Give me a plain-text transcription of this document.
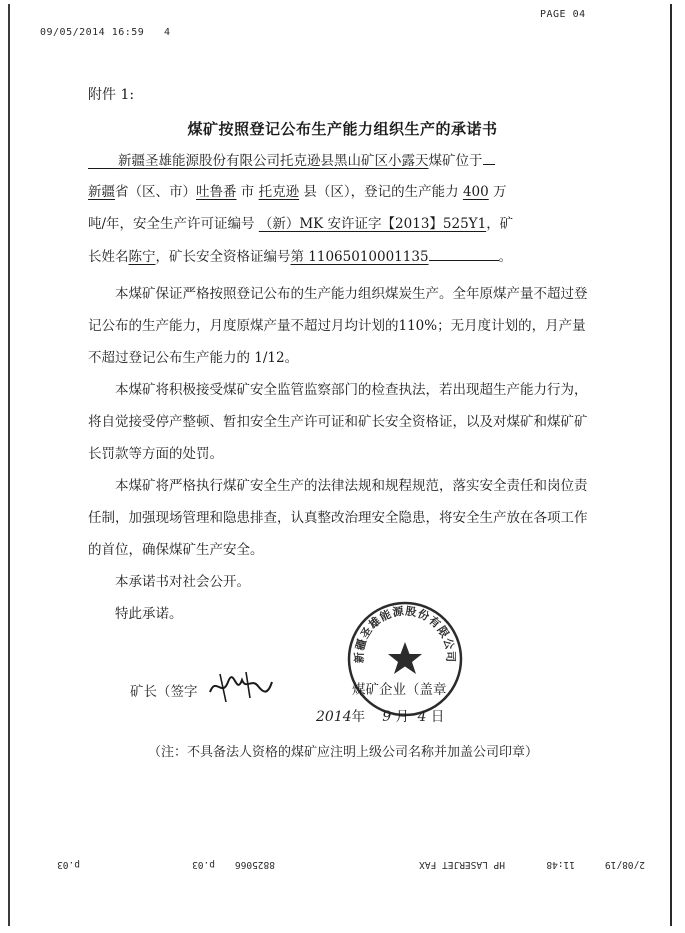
09/05/2014 16:59 4
PAGE 04
附件 1:
煤矿按照登记公布生产能力组织生产的承诺书
新疆圣雄能源股份有限公司托克逊县黑山矿区小露天煤矿位于
新疆省（区、市）吐鲁番 市 托克逊 县（区），登记的生产能力 400 万
吨/年，安全生产许可证编号 （新）MK 安许证字【2013】525Y1，矿
长姓名陈宁，矿长安全资格证编号第 11065010001135	。
本煤矿保证严格按照登记公布的生产能力组织煤炭生产。全年原煤产量不超过登记公布的生产能力，月度原煤产量不超过月均计划的110%；无月度计划的，月产量不超过登记公布生产能力的 1/12。
本煤矿将积极接受煤矿安全监管监察部门的检查执法，若出现超生产能力行为，将自觉接受停产整顿、暂扣安全生产许可证和矿长安全资格证，以及对煤矿和煤矿矿长罚款等方面的处罚。
本煤矿将严格执行煤矿安全生产的法律法规和规程规范，落实安全责任和岗位责任制，加强现场管理和隐患排查，认真整改治理安全隐患，将安全生产放在各项工作的首位，确保煤矿生产安全。
本承诺书对社会公开。
特此承诺。
新疆圣雄能源股份有限公司
矿长（签字	煤矿企业（盖章
2014年 9 月 4 日
（注：不具备法人资格的煤矿应注明上级公司名称并加盖公司印章）
2/08/19
11:48
HP LASERJET FAX
8825066
p.03
p.03
